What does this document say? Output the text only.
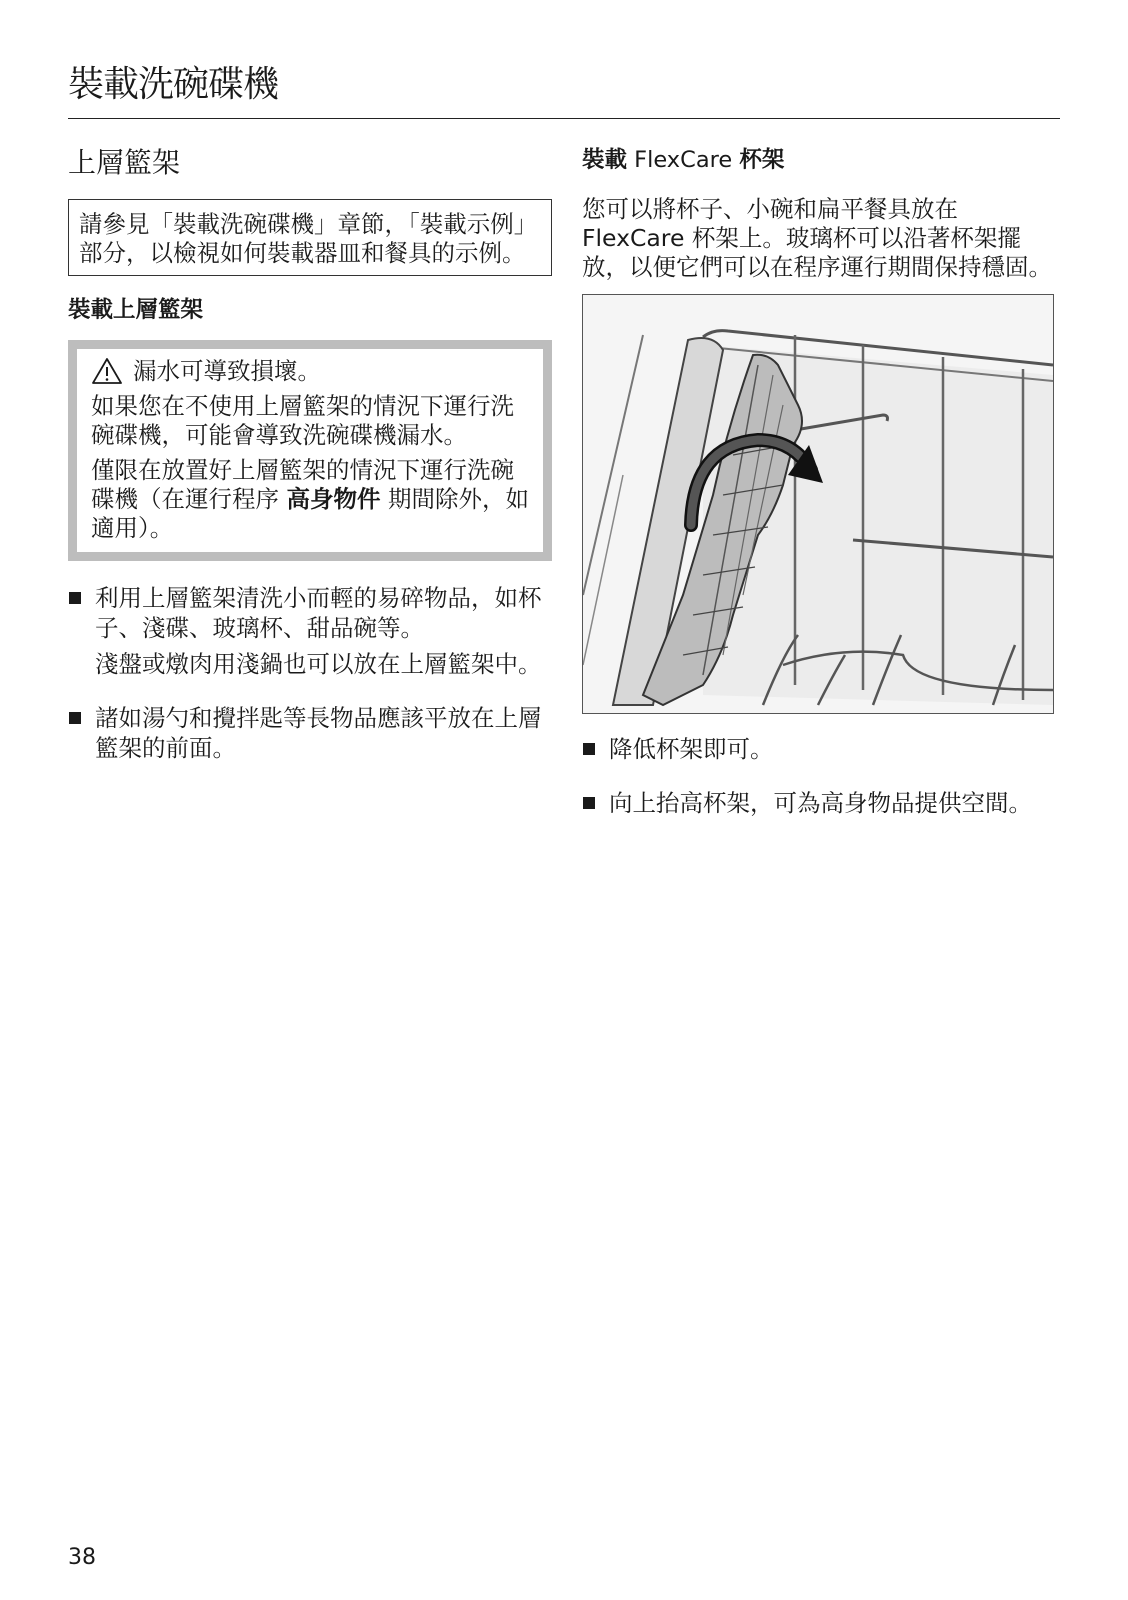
裝載洗碗碟機
上層籃架
請參見「裝載洗碗碟機」章節，「裝載示例」部分，以檢視如何裝載器皿和餐具的示例。
裝載上層籃架
漏水可導致損壞。

如果您在不使用上層籃架的情況下運行洗碗碟機，可能會導致洗碗碟機漏水。

僅限在放置好上層籃架的情況下運行洗碗碟機（在運行程序 高身物件 期間除外，如適用）。

利用上層籃架清洗小而輕的易碎物品，如杯子、淺碟、玻璃杯、甜品碗等。
淺盤或燉肉用淺鍋也可以放在上層籃架中。
諸如湯勺和攪拌匙等長物品應該平放在上層籃架的前面。
裝載 FlexCare 杯架

您可以將杯子、小碗和扁平餐具放在 FlexCare 杯架上。玻璃杯可以沿著杯架擺放，以便它們可以在程序運行期間保持穩固。

降低杯架即可。
向上抬高杯架，可為高身物品提供空間。
38
